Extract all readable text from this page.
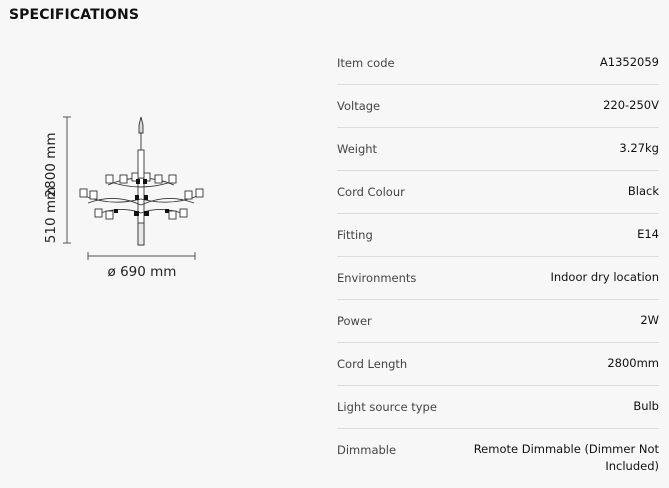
SPECIFICATIONS
2800 mm
510 mm
ø 690 mm
Item code	A1352059
Voltage	220-250V
Weight	3.27kg
Cord Colour	Black
Fitting	E14
Environments	Indoor dry location
Power	2W
Cord Length	2800mm
Light source type	Bulb
Dimmable	Remote Dimmable (Dimmer Not Included)
